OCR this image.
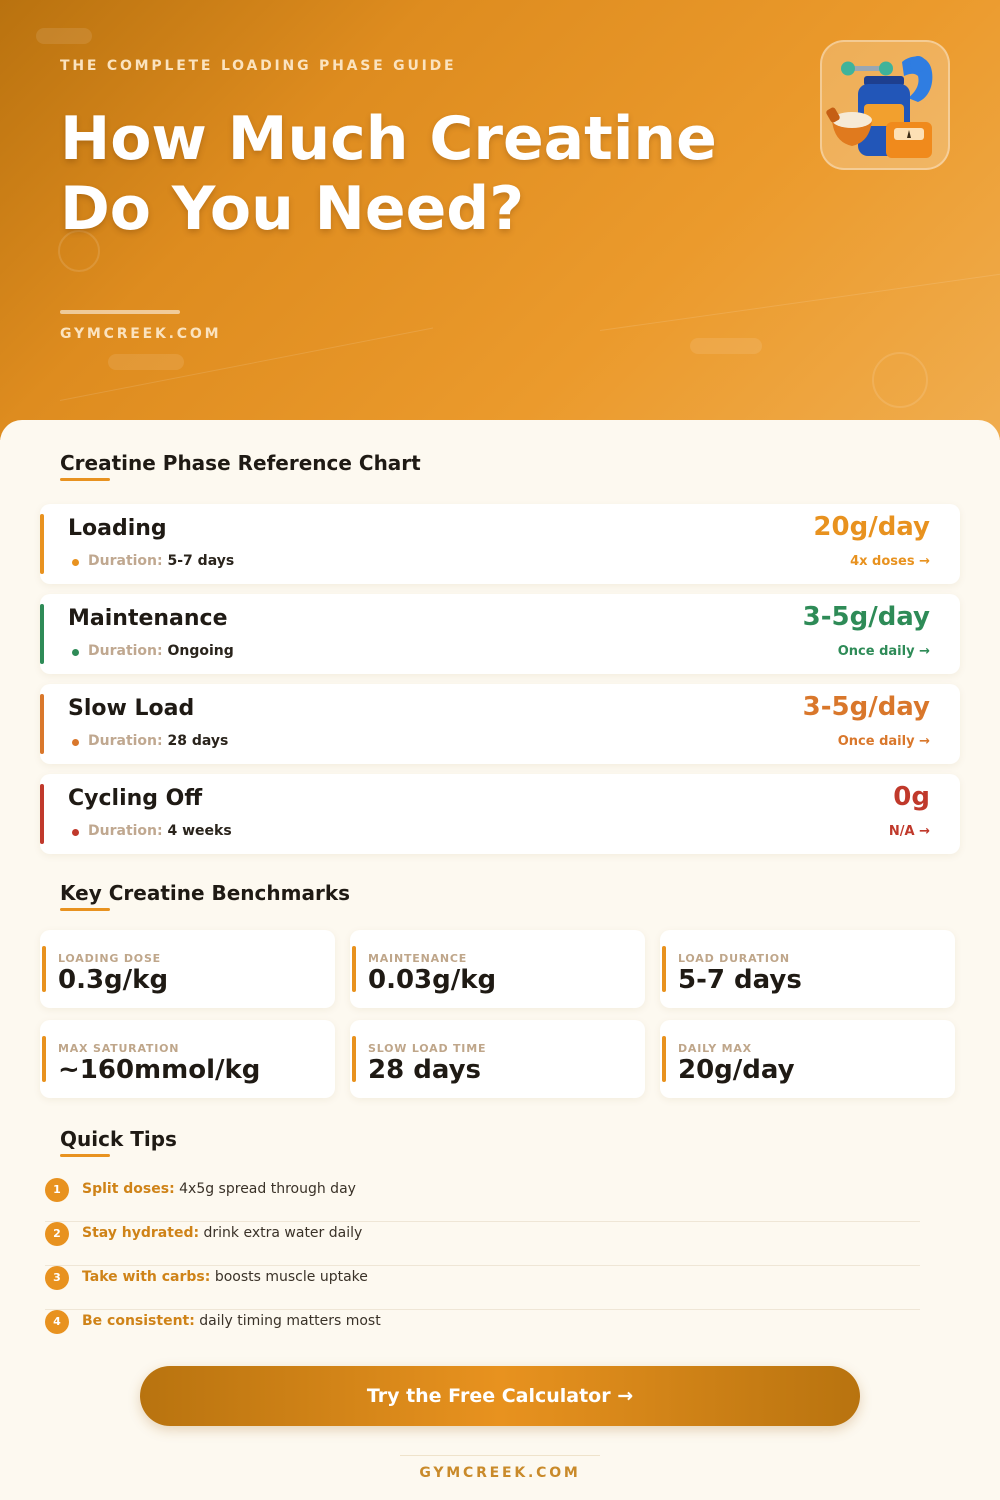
THE COMPLETE LOADING PHASE GUIDE
How Much Creatine
Do You Need?
GYMCREEK.COM
Creatine Phase Reference Chart
Loading
Duration: 5-7 days
20g/day
4x doses →
Maintenance
Duration: Ongoing
3-5g/day
Once daily →
Slow Load
Duration: 28 days
3-5g/day
Once daily →
Cycling Off
Duration: 4 weeks
0g
N/A →
Key Creatine Benchmarks
LOADING DOSE
0.3g/kg
MAINTENANCE
0.03g/kg
LOAD DURATION
5-7 days
MAX SATURATION
~160mmol/kg
SLOW LOAD TIME
28 days
DAILY MAX
20g/day
Quick Tips
1	Split doses: 4x5g spread through day
2	Stay hydrated: drink extra water daily
3	Take with carbs: boosts muscle uptake
4	Be consistent: daily timing matters most
Try the Free Calculator →
GYMCREEK.COM
